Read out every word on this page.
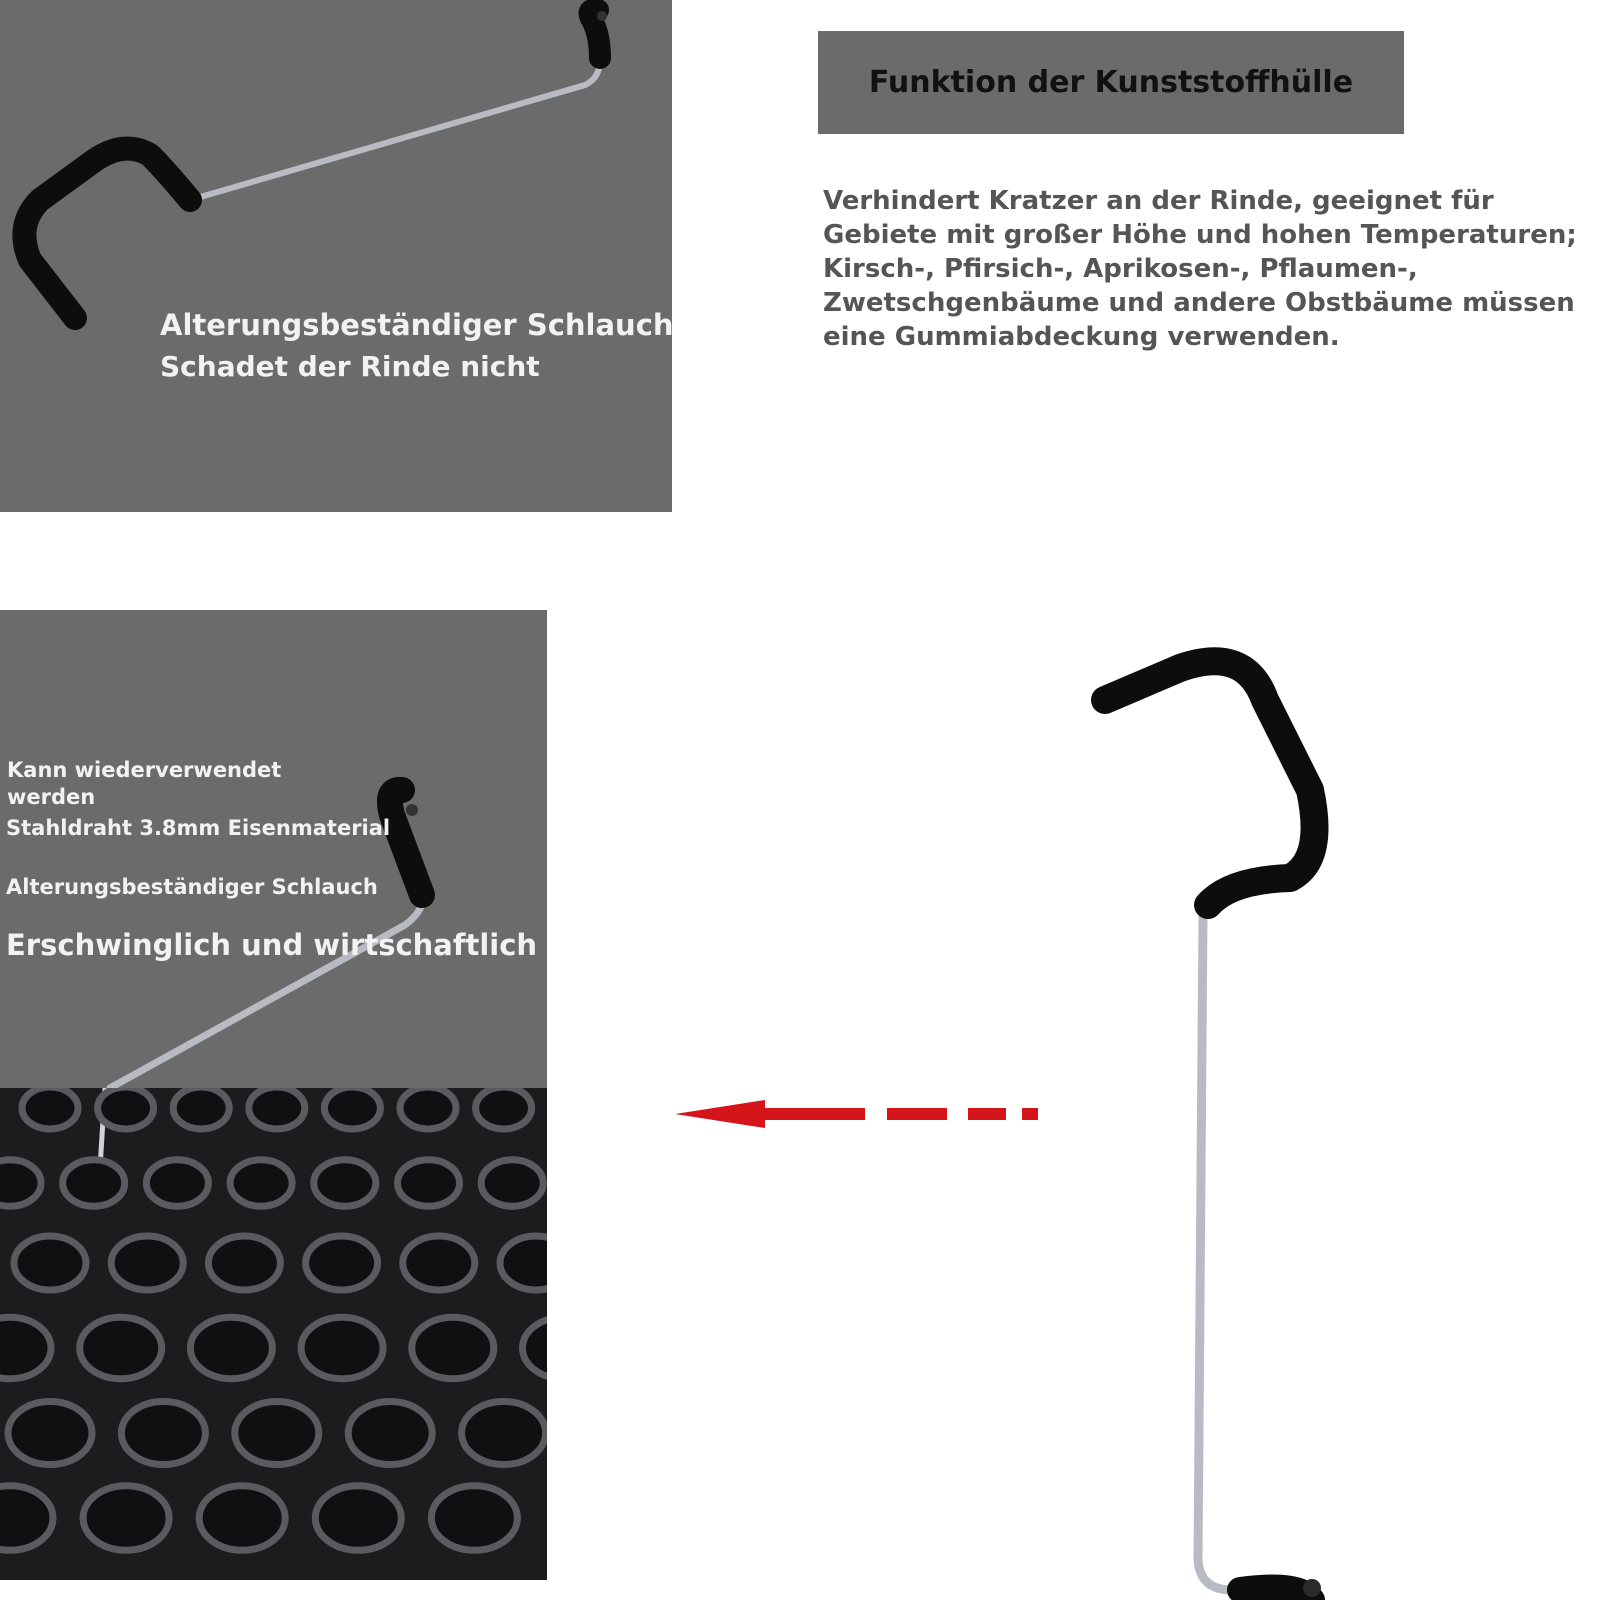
Alterungsbeständiger Schlauch

Schadet der Rinde nicht

Funktion der Kunststoffhülle

Verhindert Kratzer an der Rinde, geeignet für Gebiete mit großer Höhe und hohen Temperaturen; Kirsch-, Pfirsich-, Aprikosen-, Pflaumen-, Zwetschgenbäume und andere Obstbäume müssen eine Gummiabdeckung verwenden.

Kann wiederverwendet

werden

Stahldraht 3.8mm Eisenmaterial

Alterungsbeständiger Schlauch

Erschwinglich und wirtschaftlich
